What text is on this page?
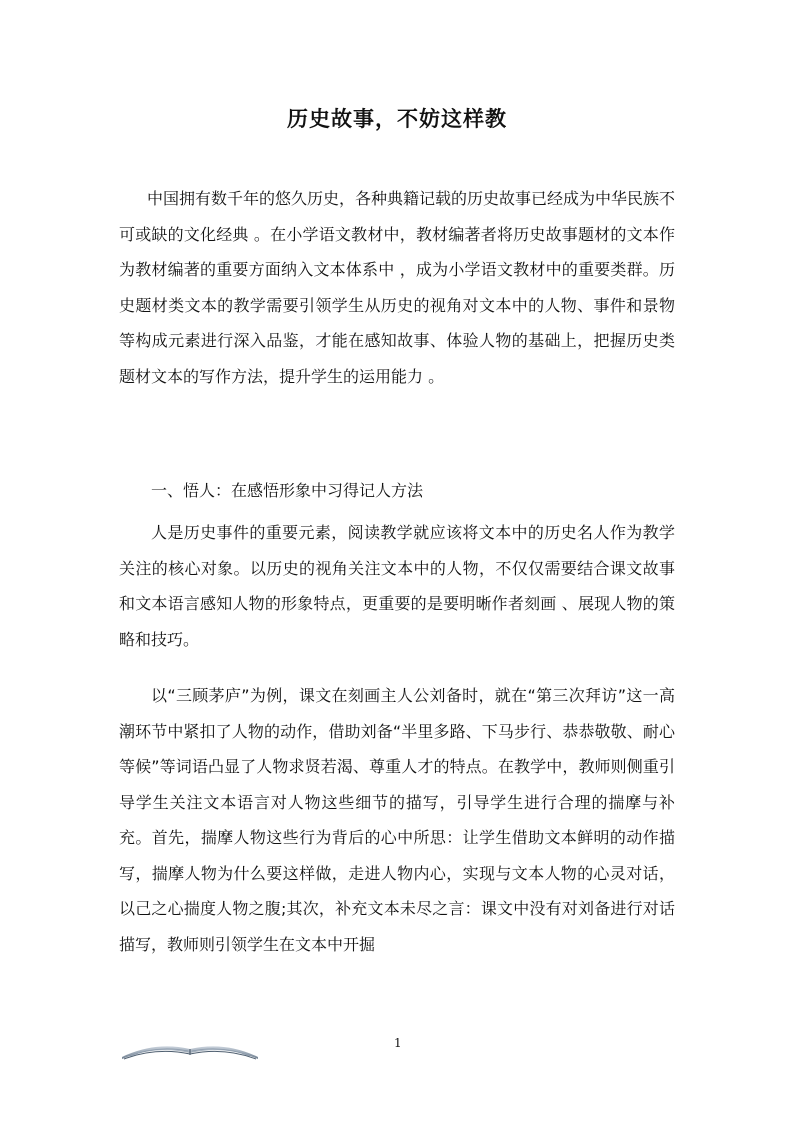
历史故事，不妨这样教

中国拥有数千年的悠久历史，各种典籍记载的历史故事已经成为中华民族不可或缺的文化经典 。在小学语文教材中，教材编著者将历史故事题材的文本作为教材编著的重要方面纳入文本体系中 ，成为小学语文教材中的重要类群。历史题材类文本的教学需要引领学生从历史的视角对文本中的人物、事件和景物等构成元素进行深入品鉴，才能在感知故事、体验人物的基础上，把握历史类题材文本的写作方法，提升学生的运用能力 。

一、悟人：在感悟形象中习得记人方法

人是历史事件的重要元素，阅读教学就应该将文本中的历史名人作为教学关注的核心对象。以历史的视角关注文本中的人物，不仅仅需要结合课文故事和文本语言感知人物的形象特点，更重要的是要明晰作者刻画 、展现人物的策略和技巧。

以“三顾茅庐”为例，课文在刻画主人公刘备时，就在“第三次拜访”这一高潮环节中紧扣了人物的动作，借助刘备“半里多路、下马步行、恭恭敬敬、耐心等候”等词语凸显了人物求贤若渴、尊重人才的特点。在教学中，教师则侧重引导学生关注文本语言对人物这些细节的描写，引导学生进行合理的揣摩与补充。首先，揣摩人物这些行为背后的心中所思：让学生借助文本鲜明的动作描写，揣摩人物为什么要这样做，走进人物内心，实现与文本人物的心灵对话，以己之心揣度人物之腹;其次，补充文本未尽之言：课文中没有对刘备进行对话描写，教师则引领学生在文本中开掘

1
